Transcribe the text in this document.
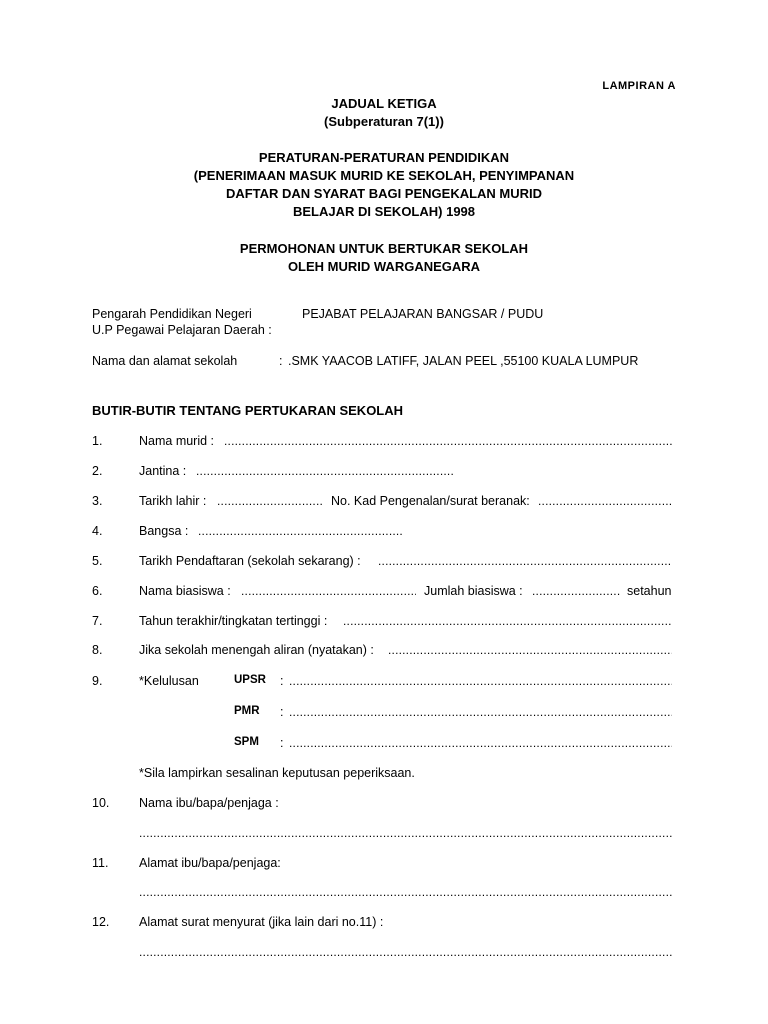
LAMPIRAN A
JADUAL KETIGA
(Subperaturan 7(1))
PERATURAN-PERATURAN PENDIDIKAN
(PENERIMAAN MASUK MURID KE SEKOLAH, PENYIMPANAN
DAFTAR DAN SYARAT BAGI PENGEKALAN MURID
BELAJAR DI SEKOLAH) 1998
PERMOHONAN UNTUK BERTUKAR SEKOLAH
OLEH MURID WARGANEGARA
Pengarah Pendidikan Negeri	PEJABAT PELAJARAN BANGSAR / PUDU
U.P Pegawai Pelajaran Daerah :
Nama dan alamat sekolah	: .SMK YAACOB LATIFF, JALAN PEEL ,55100 KUALA LUMPUR
BUTIR-BUTIR TENTANG PERTUKARAN SEKOLAH
1.	Nama murid :
.....
2.	Jantina :
.....
3.	Tarikh lahir : .....	No. Kad Pengenalan/surat beranak:
.....
4.	Bangsa :
.....
5.	Tarikh Pendaftaran (sekolah sekarang) :
.....
6.	Nama biasiswa : .....	Jumlah biasiswa : .....	setahun
7.	Tahun terakhir/tingkatan tertinggi :
.....
8.	Jika sekolah menengah aliran (nyatakan) :
.....
9.	*Kelulusan	UPSR :
.....
PMR :
.....
SPM :
.....
*Sila lampirkan sesalinan keputusan peperiksaan.
10. Nama ibu/bapa/penjaga :
.....
11. Alamat ibu/bapa/penjaga:
.....
12. Alamat surat menyurat (jika lain dari no.11) :
.....
